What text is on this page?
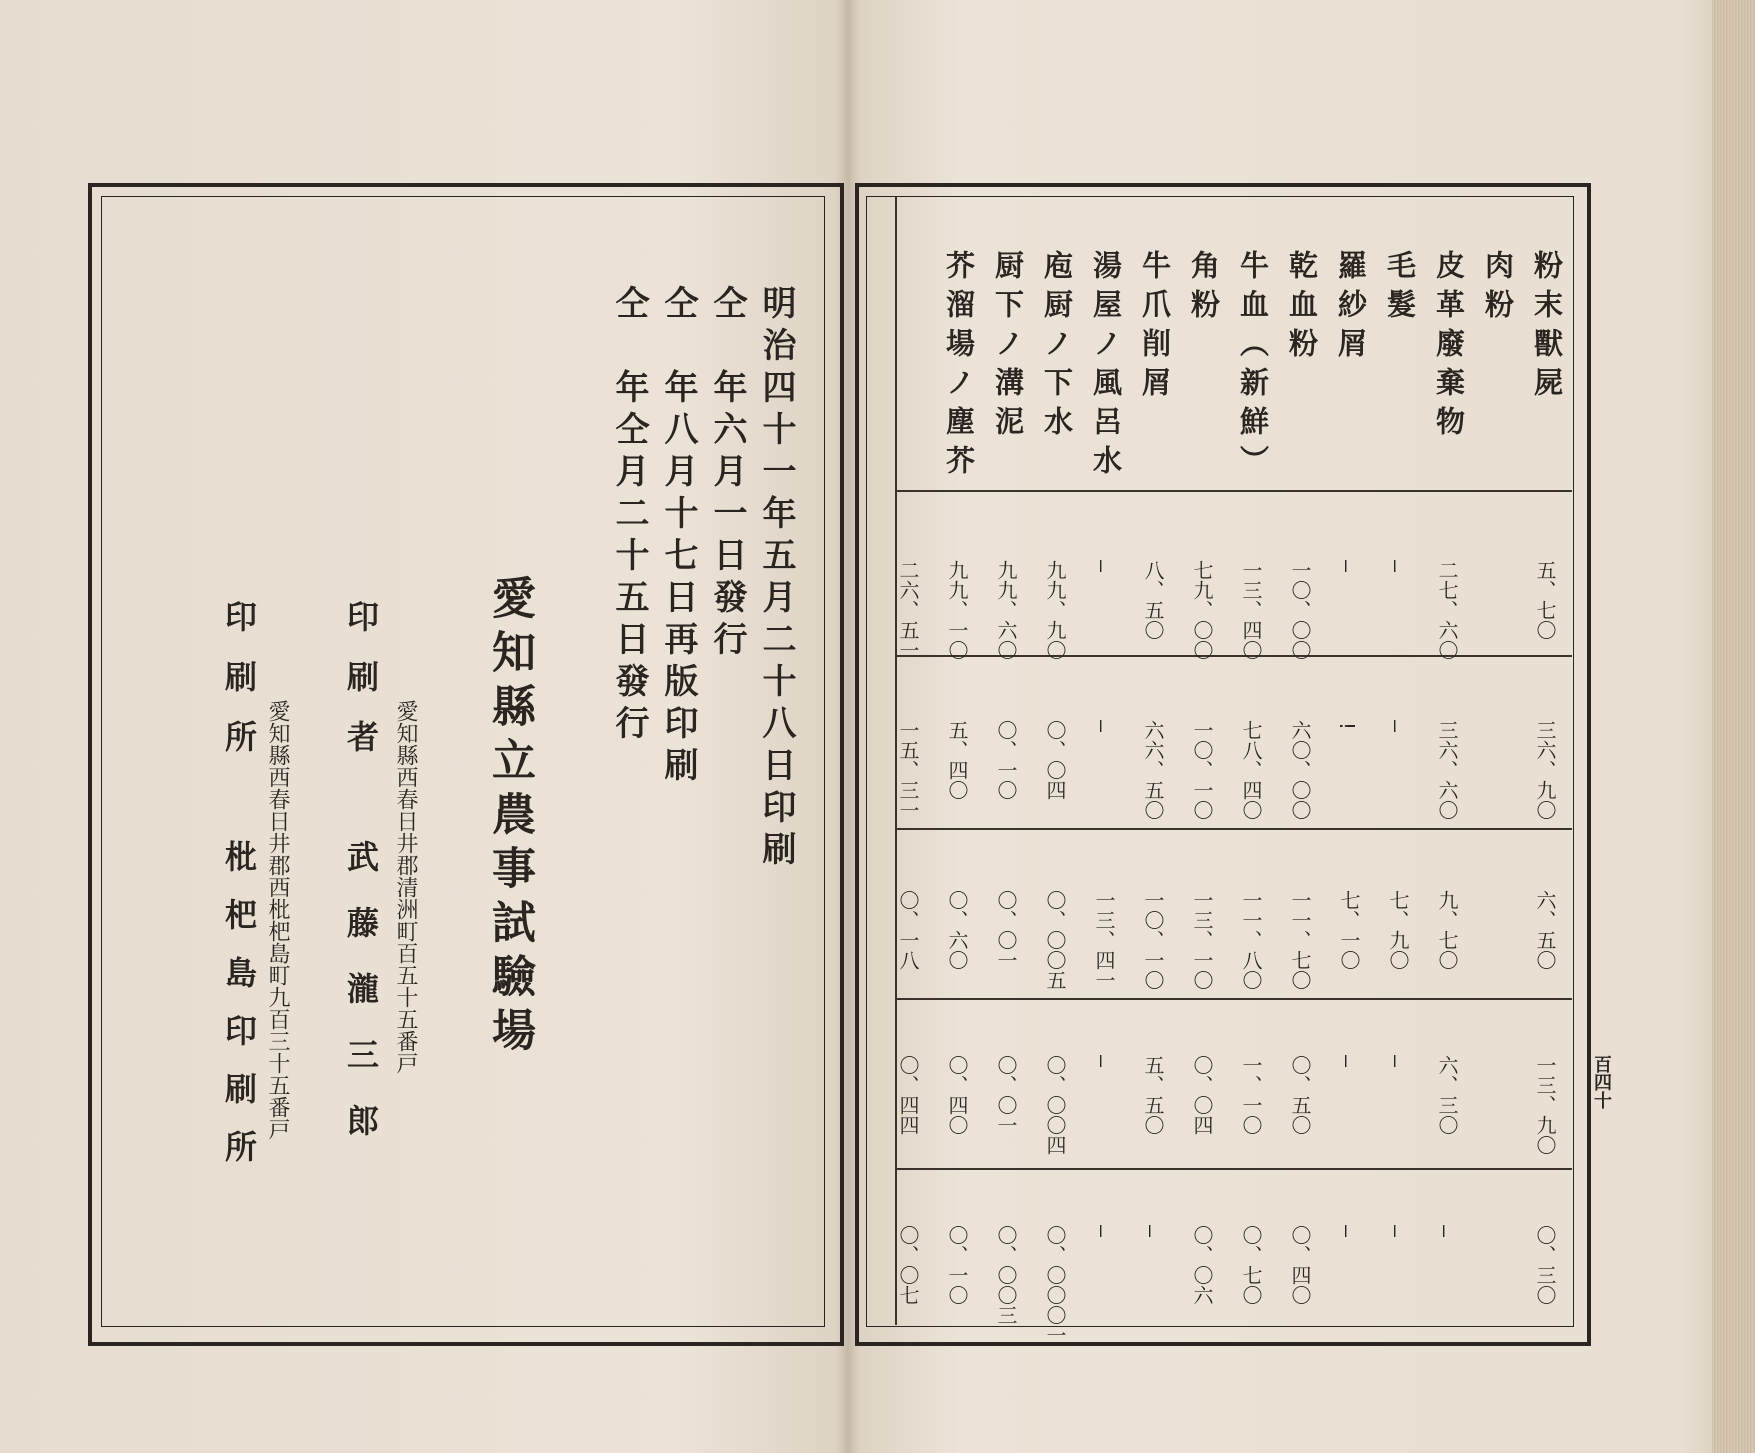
明治四十一年五月二十八日印刷
仝　年六月一日發行
仝　年八月十七日再版印刷
仝　年仝月二十五日發行
愛知縣立農事試驗場
愛知縣西春日井郡清洲町百五十五番戸
印刷者
武藤瀧三郎
愛知縣西春日井郡西枇杷島町九百三十五番戸
印刷所
枇杷島印刷所
粉末獸屍
五、七〇
三六、九〇
六、五〇
一三、九〇
〇、三〇
肉粉
皮革廢棄物
二七、六〇
三六、六〇
九、七〇
六、三〇
—
毛髮
—
—
七、九〇
—
—
羅紗屑
—
!
七、一〇
—
—
乾血粉
一〇、〇〇
六〇、〇〇
一一、七〇
〇、五〇
〇、四〇
牛血（新鮮）
一三、四〇
七八、四〇
一一、八〇
一、一〇
〇、七〇
角粉
七九、〇〇
一〇、一〇
一三、一〇
〇、〇四
〇、〇六
牛爪削屑
八、五〇
六六、五〇
一〇、一〇
五、五〇
—
湯屋ノ風呂水
—
—
一三、四一
—
—
庖厨ノ下水
九九、九〇
〇、〇四
〇、〇〇五
〇、〇〇四
〇、〇〇〇一
厨下ノ溝泥
九九、六〇
〇、一〇
〇、〇一
〇、〇一
〇、〇〇三
芥溜場ノ塵芥
九九、一〇
五、四〇
〇、六〇
〇、四〇
〇、一〇
二六、五一
一五、三一
〇、一八
〇、四四
〇、〇七
百四十
